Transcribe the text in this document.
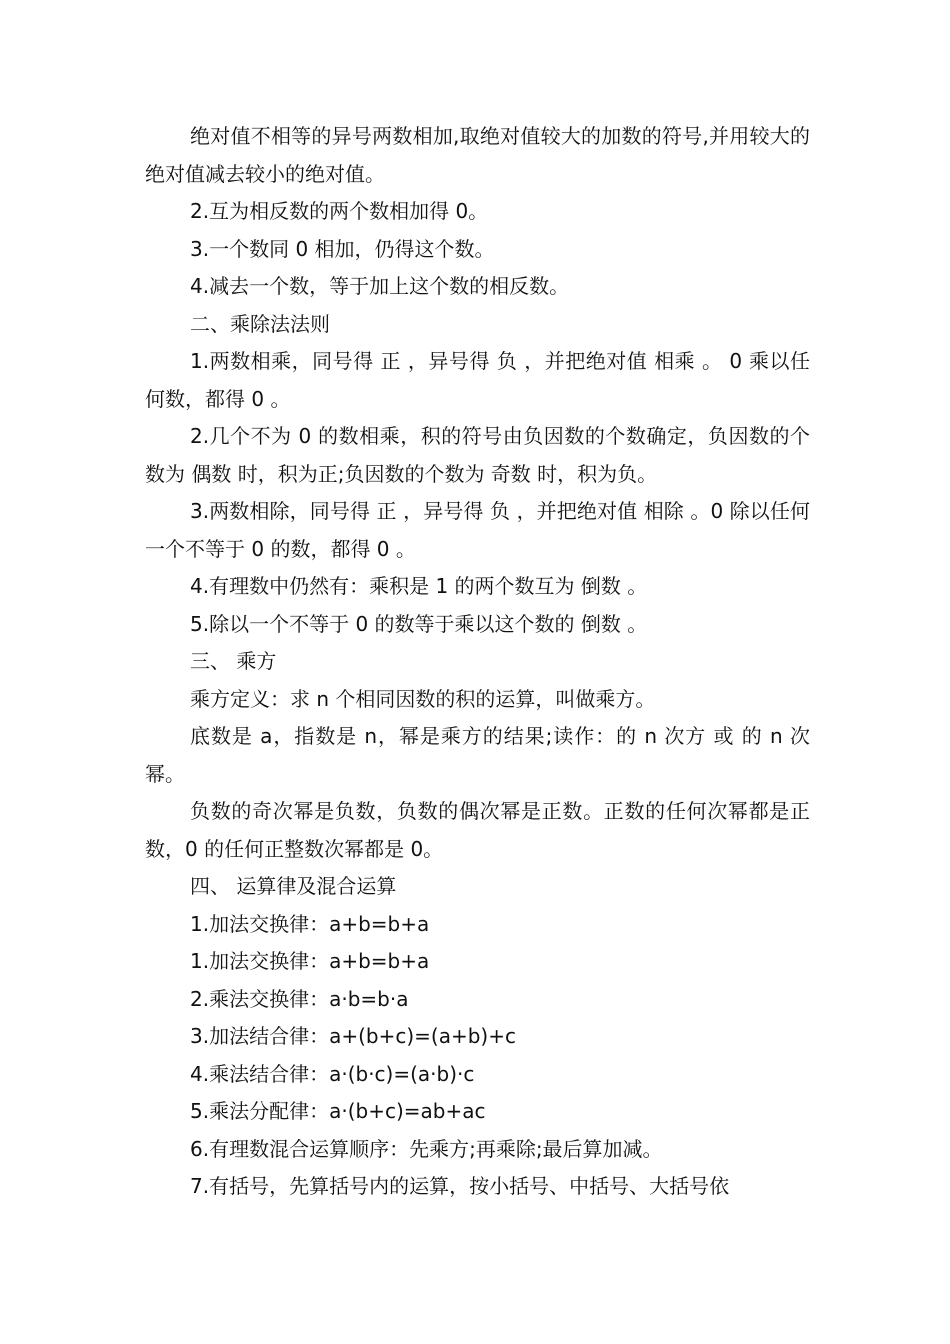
绝对值不相等的异号两数相加,取绝对值较大的加数的符号,并用较大的绝对值减去较小的绝对值。

2.互为相反数的两个数相加得 0。

3.一个数同 0 相加，仍得这个数。

4.减去一个数，等于加上这个数的相反数。

二、乘除法法则

1.两数相乘，同号得 正 ，异号得 负 ，并把绝对值 相乘 。 0 乘以任何数，都得 0 。

2.几个不为 0 的数相乘，积的符号由负因数的个数确定，负因数的个数为 偶数 时，积为正;负因数的个数为 奇数 时，积为负。

3.两数相除，同号得 正 ，异号得 负 ，并把绝对值 相除 。0 除以任何一个不等于 0 的数，都得 0 。

4.有理数中仍然有：乘积是 1 的两个数互为 倒数 。

5.除以一个不等于 0 的数等于乘以这个数的 倒数 。

三、 乘方

乘方定义：求 n 个相同因数的积的运算，叫做乘方。

底数是 a，指数是 n，幂是乘方的结果;读作：的 n 次方 或 的 n 次幂。

负数的奇次幂是负数，负数的偶次幂是正数。正数的任何次幂都是正数，0 的任何正整数次幂都是 0。

四、 运算律及混合运算

1.加法交换律：a+b=b+a

1.加法交换律：a+b=b+a

2.乘法交换律：a·b=b·a

3.加法结合律：a+(b+c)=(a+b)+c

4.乘法结合律：a·(b·c)=(a·b)·c

5.乘法分配律：a·(b+c)=ab+ac

6.有理数混合运算顺序：先乘方;再乘除;最后算加减。

7.有括号，先算括号内的运算，按小括号、中括号、大括号依
